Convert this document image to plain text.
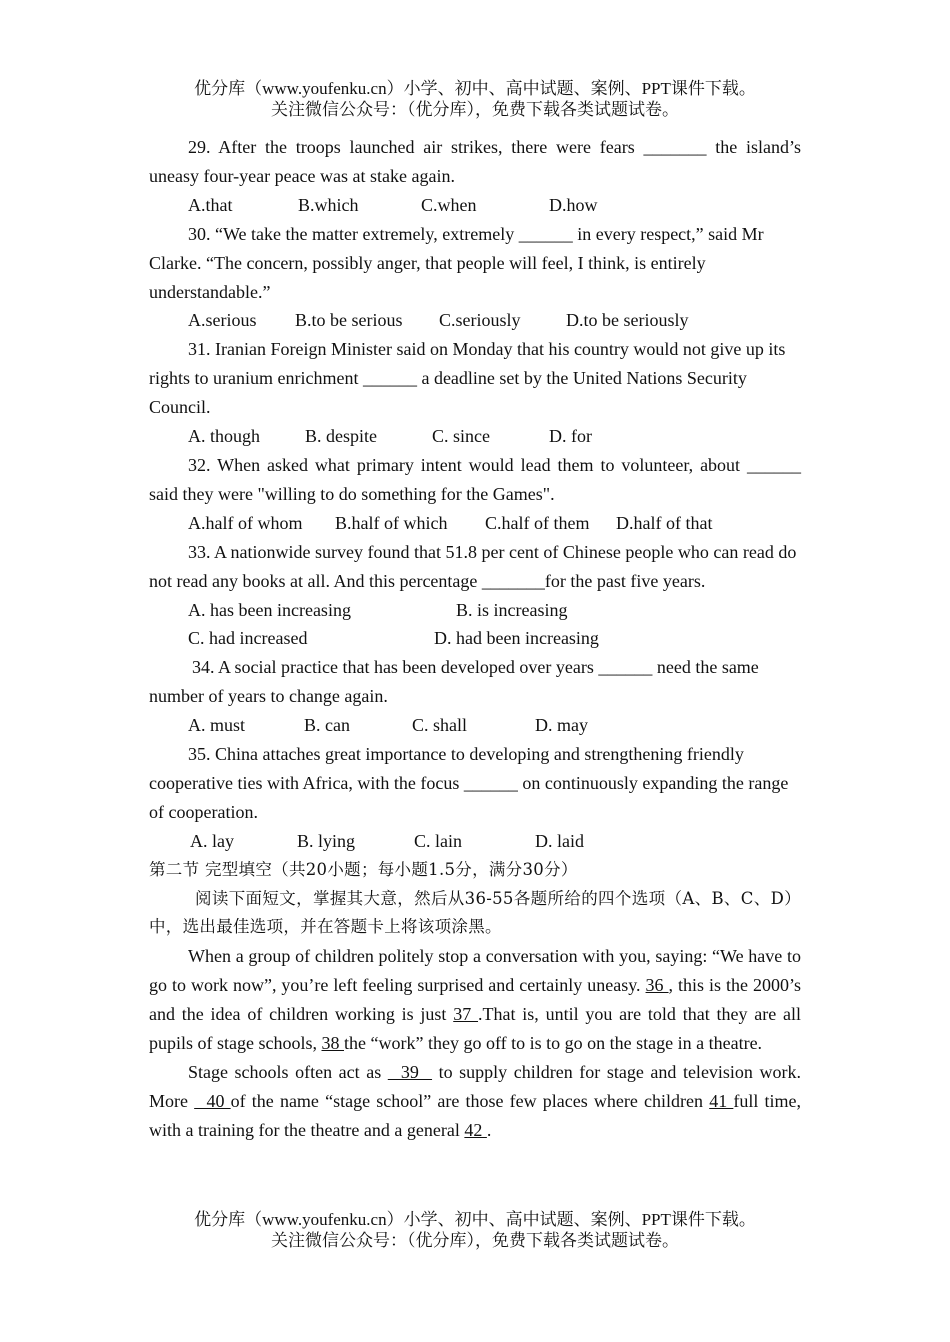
优分库（www.youfenku.cn）小学、初中、高中试题、案例、PPT课件下载。
关注微信公众号：（优分库），免费下载各类试题试卷。

29. After the troops launched air strikes, there were fears _______ the island’s uneasy four-year peace was at stake again.

A.that	B.which	C.when	D.how

30. “We take the matter extremely, extremely ______ in every respect,” said Mr Clarke. “The concern, possibly anger, that people will feel, I think, is entirely understandable.”

A.serious	B.to be serious	C.seriously	D.to be seriously

31. Iranian Foreign Minister said on Monday that his country would not give up its rights to uranium enrichment ______ a deadline set by the United Nations Security Council.

A. though	B. despite	C. since	D. for

32. When asked what primary intent would lead them to volunteer, about ______ said they were "willing to do something for the Games".

A.half of whom	B.half of which	C.half of them	D.half of that

33. A nationwide survey found that 51.8 per cent of Chinese people who can read do not read any books at all. And this percentage _______for the past five years.

A. has been increasing	B. is increasing
C. had increased	D. had been increasing

34. A social practice that has been developed over years ______ need the same number of years to change again.

A. must	B. can	C. shall	D. may

35. China attaches great importance to developing and strengthening friendly cooperative ties with Africa, with the focus ______ on continuously expanding the range of cooperation.

A. lay	B. lying	C. lain	D. laid

第二节 完型填空（共20小题；每小题1.5分，满分30分）

阅读下面短文，掌握其大意，然后从36-55各题所给的四个选项（A、B、C、D）中，选出最佳选项，并在答题卡上将该项涂黑。

When a group of children politely stop a conversation with you, saying: “We have to go to work now”, you’re left feeling surprised and certainly uneasy. 36 , this is the 2000’s and the idea of children working is just 37 .That is, until you are told that they are all pupils of stage schools, 38 the “work” they go off to is to go on the stage in a theatre.

Stage schools often act as   39   to supply children for stage and television work. More   40 of the name “stage school” are those few places where children 41 full time, with a training for the theatre and a general 42 .

优分库（www.youfenku.cn）小学、初中、高中试题、案例、PPT课件下载。
关注微信公众号：（优分库），免费下载各类试题试卷。
